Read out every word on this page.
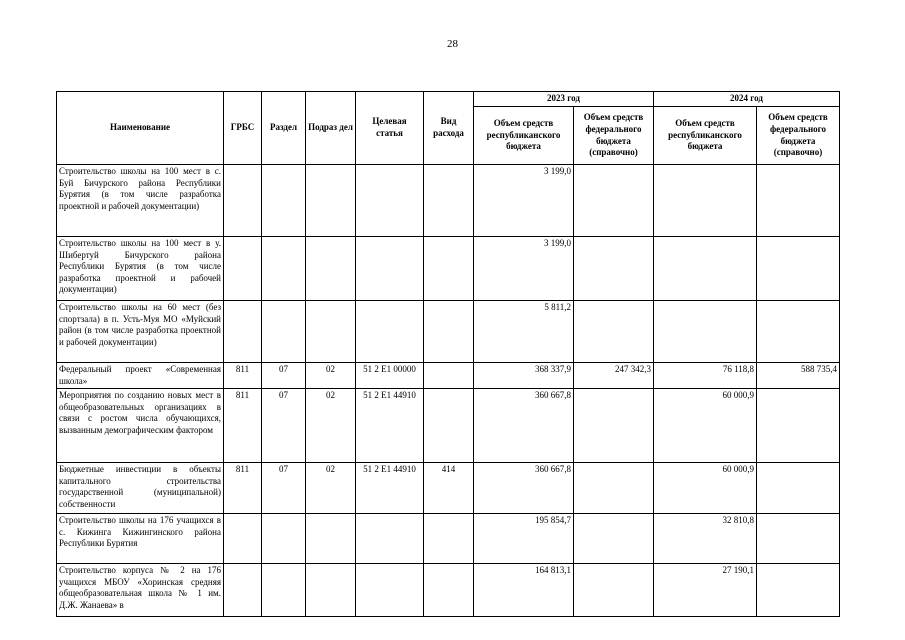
28
Наименование	ГРБС	Раздел	Подраз дел	Целевая статья	Вид расхода	2023 год		2024 год	
						Объем средств республиканского бюджета	Объем средств федерального бюджета (справочно)	Объем средств республиканского бюджета	Объем средств федерального бюджета (справочно)
Строительство школы на 100 мест в с. Буй Бичурского района Республики Бурятия (в том числе разработка проектной и рабочей документации)						3 199,0			
Строительство школы на 100 мест в у. Шибертуй Бичурского района Республики Бурятия (в том числе разработка проектной и рабочей документации)						3 199,0			
Строительство школы на 60 мест (без спортзала) в п. Усть-Муя МО «Муйский район (в том числе разработка проектной и рабочей документации)						5 811,2			
Федеральный проект «Современная школа»	811	07	02	51 2 Е1 00000		368 337,9	247 342,3	76 118,8	588 735,4
Мероприятия по созданию новых мест в общеобразовательных организациях в связи с ростом числа обучающихся, вызванным демографическим фактором	811	07	02	51 2 Е1 44910		360 667,8		60 000,9	
Бюджетные инвестиции в объекты капитального строительства государственной (муниципальной) собственности	811	07	02	51 2 Е1 44910	414	360 667,8		60 000,9	
Строительство школы на 176 учащихся в с. Кижинга Кижингинского района Республики Бурятия						195 854,7		32 810,8	
Строительство корпуса № 2 на 176 учащихся МБОУ «Хоринская средняя общеобразовательная школа № 1 им. Д.Ж. Жанаева» в						164 813,1		27 190,1	
